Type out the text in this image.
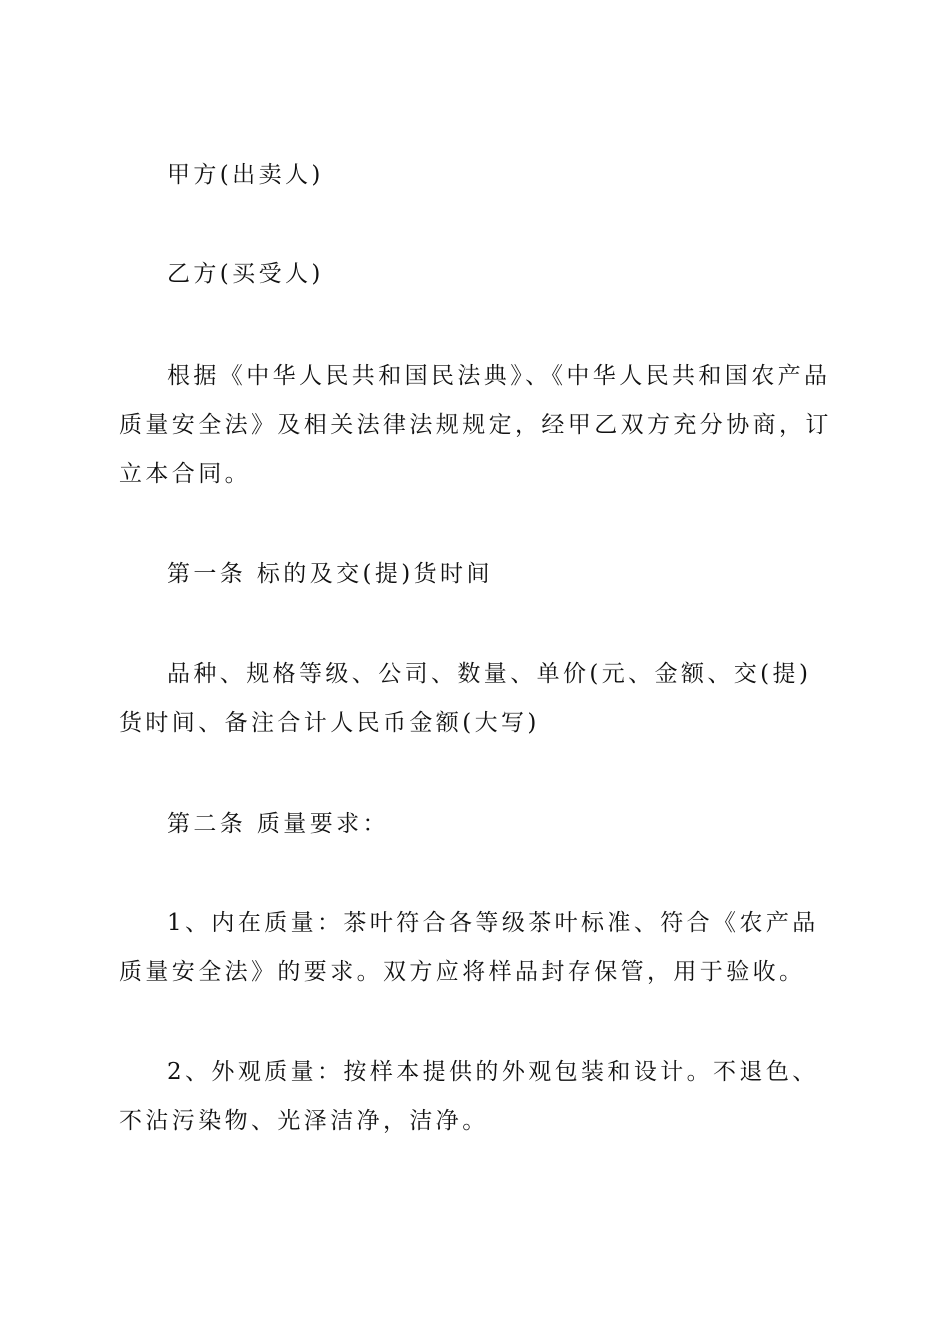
甲方(出卖人)

乙方(买受人)

根据《中华人民共和国民法典》、《中华人民共和国农产品质量安全法》及相关法律法规规定，经甲乙双方充分协商，订立本合同。

第一条 标的及交(提)货时间

品种、规格等级、公司、数量、单价(元、金额、交(提)货时间、备注合计人民币金额(大写)

第二条 质量要求：

1、内在质量：茶叶符合各等级茶叶标准、符合《农产品质量安全法》的要求。双方应将样品封存保管，用于验收。

2、外观质量：按样本提供的外观包装和设计。不退色、不沾污染物、光泽洁净，洁净。
